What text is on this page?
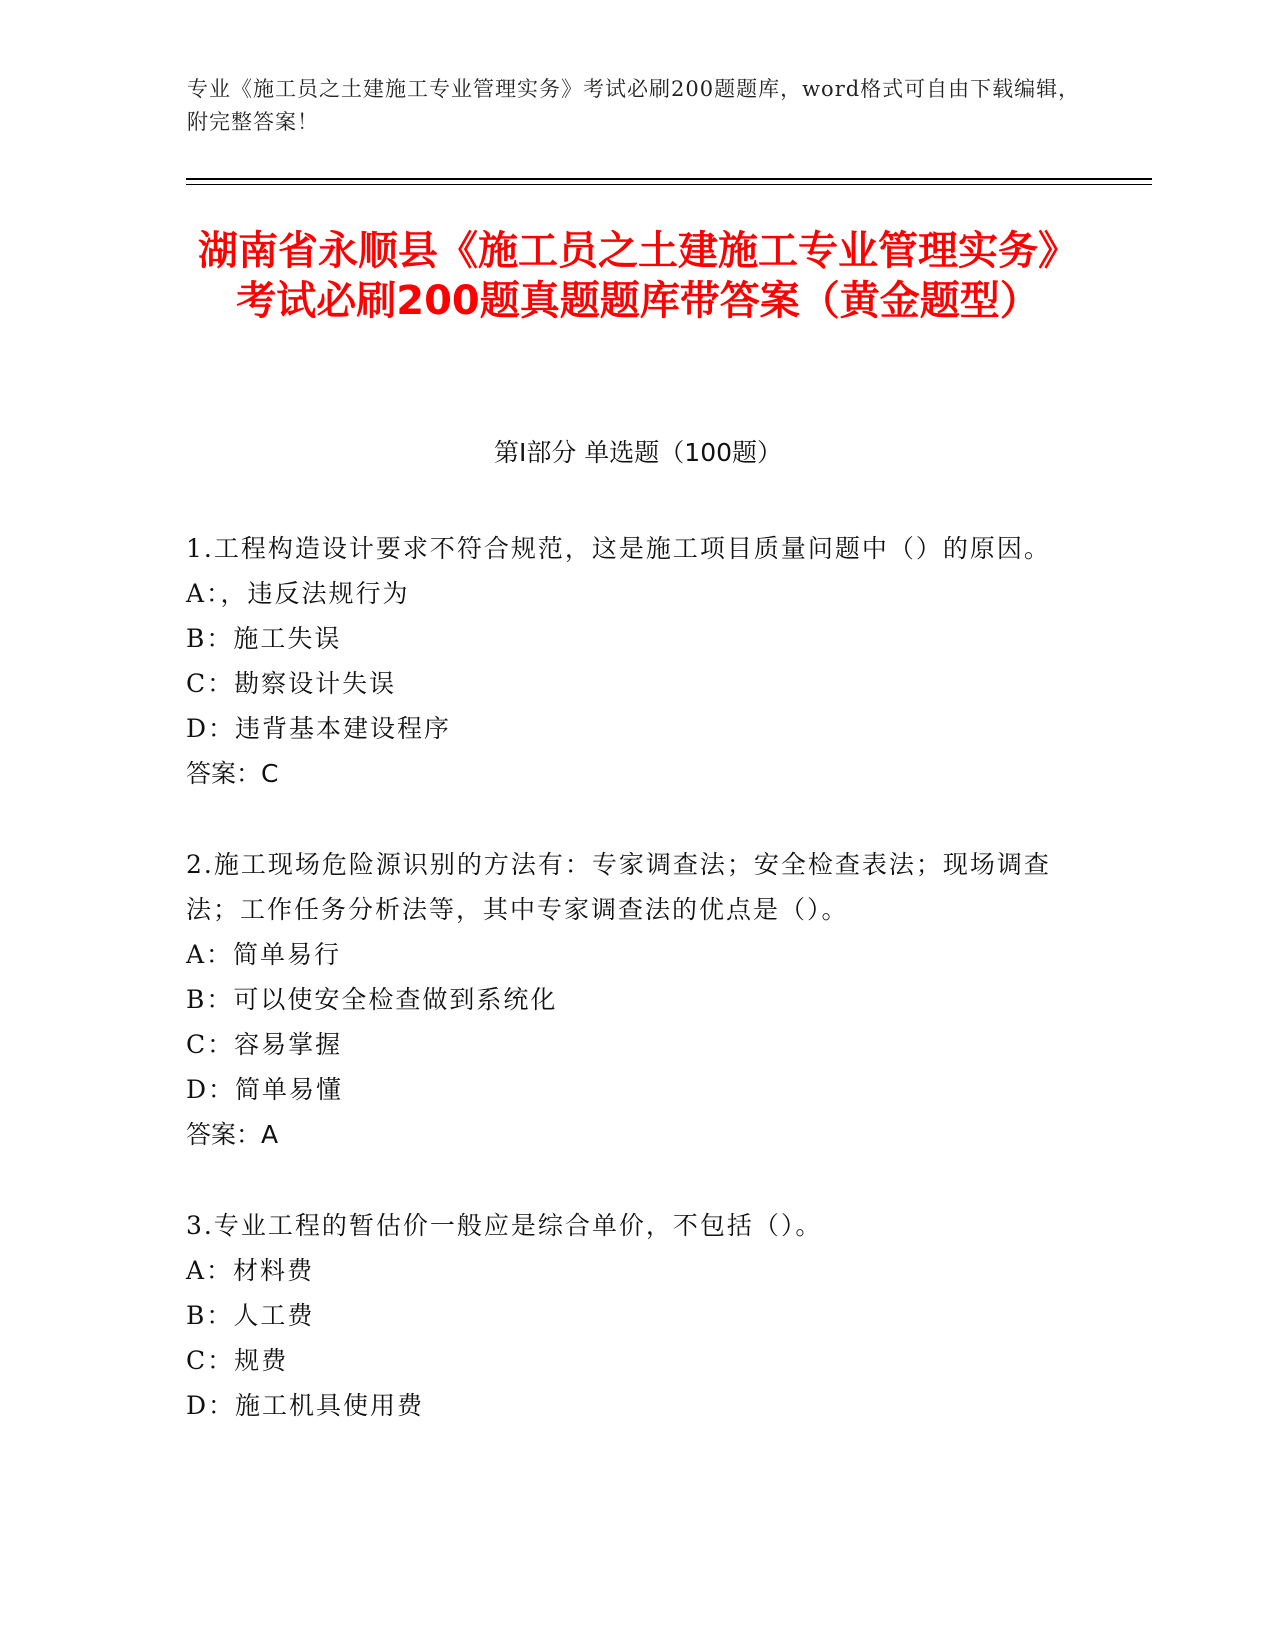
专业《施工员之土建施工专业管理实务》考试必刷200题题库，word格式可自由下载编辑，附完整答案！
湖南省永顺县《施工员之土建施工专业管理实务》考试必刷200题真题题库带答案（黄金题型）
第Ⅰ部分 单选题（100题）
1.工程构造设计要求不符合规范，这是施工项目质量问题中（）的原因。
A：，违反法规行为
B：施工失误
C：勘察设计失误
D：违背基本建设程序
答案：C
2.施工现场危险源识别的方法有：专家调查法；安全检查表法；现场调查法；工作任务分析法等，其中专家调查法的优点是（）。
A：简单易行
B：可以使安全检查做到系统化
C：容易掌握
D：简单易懂
答案：A
3.专业工程的暂估价一般应是综合单价，不包括（）。
A：材料费
B：人工费
C：规费
D：施工机具使用费
